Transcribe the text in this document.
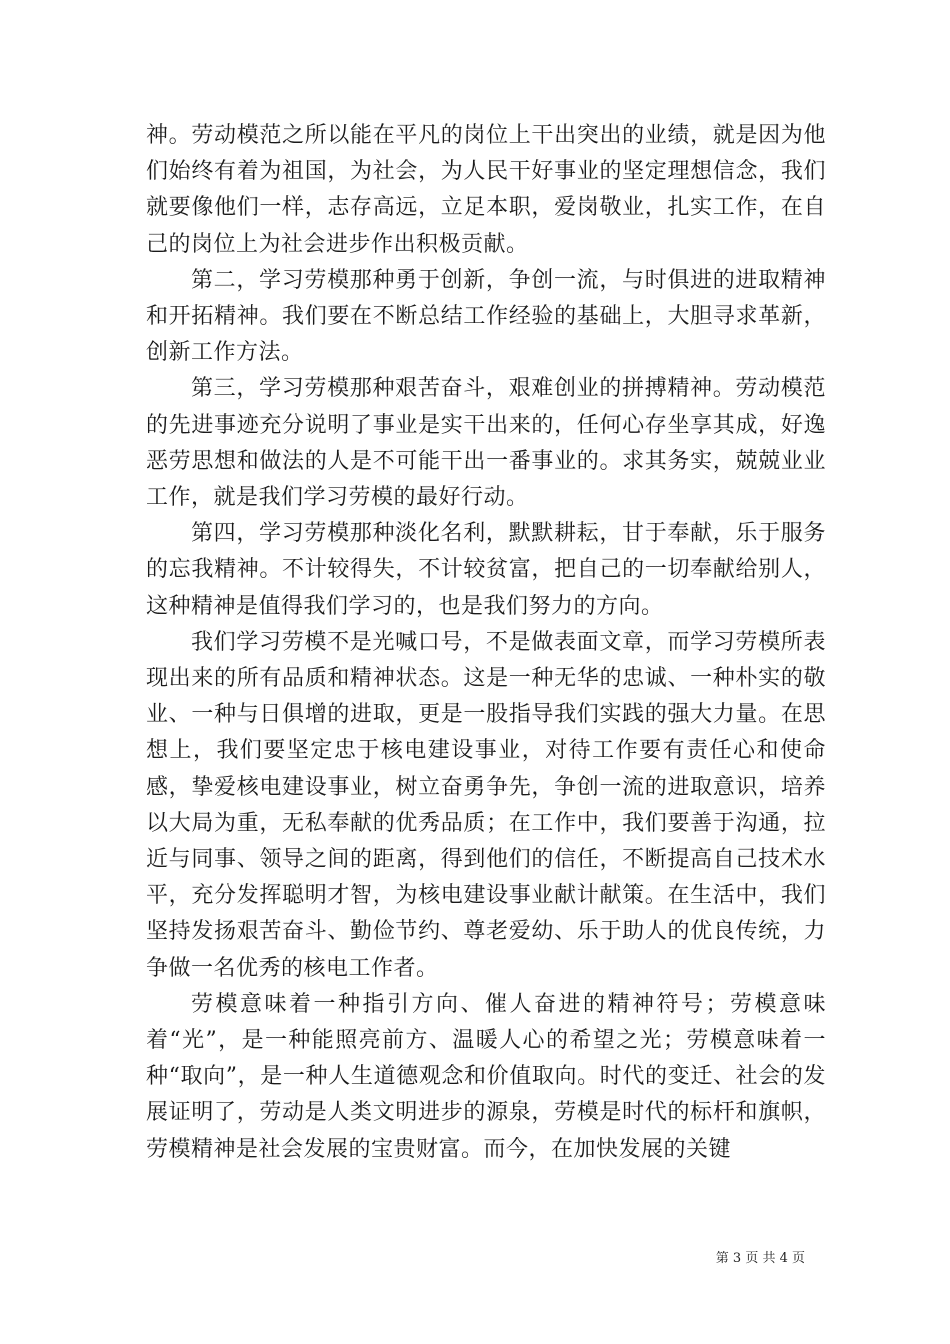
神。劳动模范之所以能在平凡的岗位上干出突出的业绩，就是因为他们始终有着为祖国，为社会，为人民干好事业的坚定理想信念，我们就要像他们一样，志存高远，立足本职，爱岗敬业，扎实工作，在自己的岗位上为社会进步作出积极贡献。

第二，学习劳模那种勇于创新，争创一流，与时俱进的进取精神和开拓精神。我们要在不断总结工作经验的基础上，大胆寻求革新，创新工作方法。

第三，学习劳模那种艰苦奋斗，艰难创业的拼搏精神。劳动模范的先进事迹充分说明了事业是实干出来的，任何心存坐享其成，好逸恶劳思想和做法的人是不可能干出一番事业的。求其务实，兢兢业业工作，就是我们学习劳模的最好行动。

第四，学习劳模那种淡化名利，默默耕耘，甘于奉献，乐于服务的忘我精神。不计较得失，不计较贫富，把自己的一切奉献给别人，这种精神是值得我们学习的，也是我们努力的方向。

我们学习劳模不是光喊口号，不是做表面文章，而学习劳模所表现出来的所有品质和精神状态。这是一种无华的忠诚、一种朴实的敬业、一种与日俱增的进取，更是一股指导我们实践的强大力量。在思想上，我们要坚定忠于核电建设事业，对待工作要有责任心和使命感，挚爱核电建设事业，树立奋勇争先，争创一流的进取意识，培养以大局为重，无私奉献的优秀品质；在工作中，我们要善于沟通，拉近与同事、领导之间的距离，得到他们的信任，不断提高自己技术水平，充分发挥聪明才智，为核电建设事业献计献策。在生活中，我们坚持发扬艰苦奋斗、勤俭节约、尊老爱幼、乐于助人的优良传统，力争做一名优秀的核电工作者。

劳模意味着一种指引方向、催人奋进的精神符号；劳模意味着“光”，是一种能照亮前方、温暖人心的希望之光；劳模意味着一种“取向”，是一种人生道德观念和价值取向。时代的变迁、社会的发展证明了，劳动是人类文明进步的源泉，劳模是时代的标杆和旗帜，劳模精神是社会发展的宝贵财富。而今，在加快发展的关键

第 3 页 共 4 页
